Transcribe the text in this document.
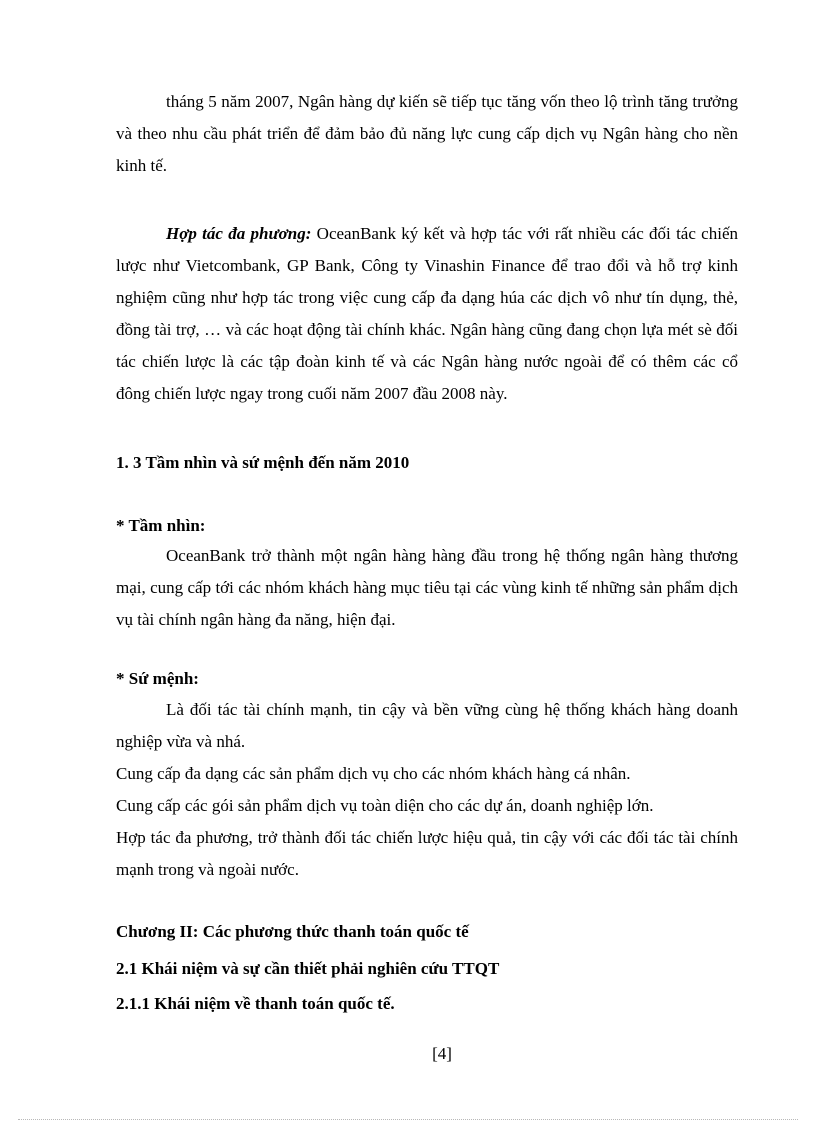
tháng 5 năm 2007, Ngân hàng dự kiến sẽ tiếp tục tăng vốn theo lộ trình tăng trưởng và theo nhu cầu phát triển để đảm bảo đủ năng lực cung cấp dịch vụ Ngân hàng cho nền kinh tế.

Hợp tác đa phương: OceanBank ký kết và hợp tác với rất nhiều các đối tác chiến lược như Vietcombank, GP Bank, Công ty Vinashin Finance để trao đổi và hỗ trợ kinh nghiệm cũng như hợp tác trong việc cung cấp đa dạng húa các dịch vô như tín dụng, thẻ, đồng tài trợ, … và các hoạt động tài chính khác. Ngân hàng cũng đang chọn lựa mét sè đối tác chiến lược là các tập đoàn kinh tế và các Ngân hàng nước ngoài để có thêm các cổ đông chiến lược ngay trong cuối năm 2007 đầu 2008 này.

1. 3 Tầm nhìn và sứ mệnh đến năm 2010

* Tầm nhìn:

OceanBank trở thành một ngân hàng hàng đầu trong hệ thống ngân hàng thương mại, cung cấp tới các nhóm khách hàng mục tiêu tại các vùng kinh tế những sản phẩm dịch vụ tài chính ngân hàng đa năng, hiện đại.

* Sứ mệnh:

Là đối tác tài chính mạnh, tin cậy và bền vững cùng hệ thống khách hàng doanh nghiệp vừa và nhá.

Cung cấp đa dạng các sản phẩm dịch vụ cho các nhóm khách hàng cá nhân.

Cung cấp các gói sản phẩm dịch vụ toàn diện cho các dự án, doanh nghiệp lớn.

Hợp tác đa phương, trở thành đối tác chiến lược hiệu quả, tin cậy với các đối tác tài chính mạnh trong và ngoài nước.

Chương II: Các phương thức thanh toán quốc tế

2.1 Khái niệm và sự cần thiết phải nghiên cứu TTQT

2.1.1 Khái niệm về thanh toán quốc tế.

[4]
